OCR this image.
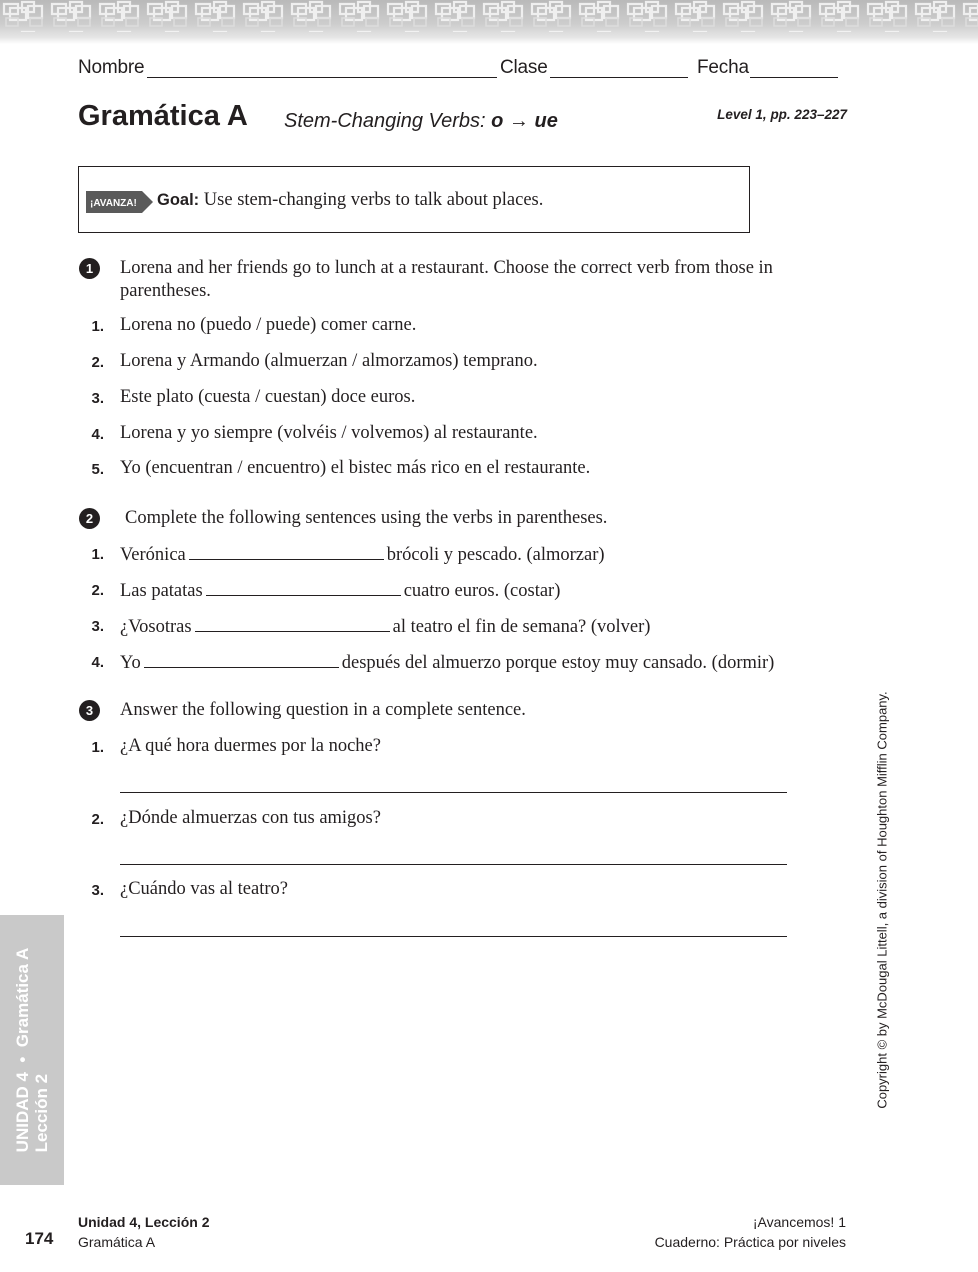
Nombre	Clase	Fecha
Gramática A Stem-Changing Verbs: o → ue	Level 1, pp. 223–227
¡AVANZA! Goal: Use stem-changing verbs to talk about places.
1	Lorena and her friends go to lunch at a restaurant. Choose the correct verb from those in parentheses.
1. Lorena no (puedo / puede) comer carne.
2. Lorena y Armando (almuerzan / almorzamos) temprano.
3. Este plato (cuesta / cuestan) doce euros.
4. Lorena y yo siempre (volvéis / volvemos) al restaurante.
5. Yo (encuentran / encuentro) el bistec más rico en el restaurante.
2	Complete the following sentences using the verbs in parentheses.
1. Verónica	brócoli y pescado. (almorzar)
2. Las patatas	cuatro euros. (costar)
3. ¿Vosotras	al teatro el fin de semana? (volver)
4. Yo	después del almuerzo porque estoy muy cansado. (dormir)
3	Answer the following question in a complete sentence.
1. ¿A qué hora duermes por la noche?
2. ¿Dónde almuerzas con tus amigos?
3. ¿Cuándo vas al teatro?
UNIDAD 4  •  Gramática A Lección 2
Copyright © by McDougal Littell, a division of Houghton Mifflin Company.
174
Unidad 4, Lección 2
Gramática A
¡Avancemos! 1
Cuaderno: Práctica por niveles
